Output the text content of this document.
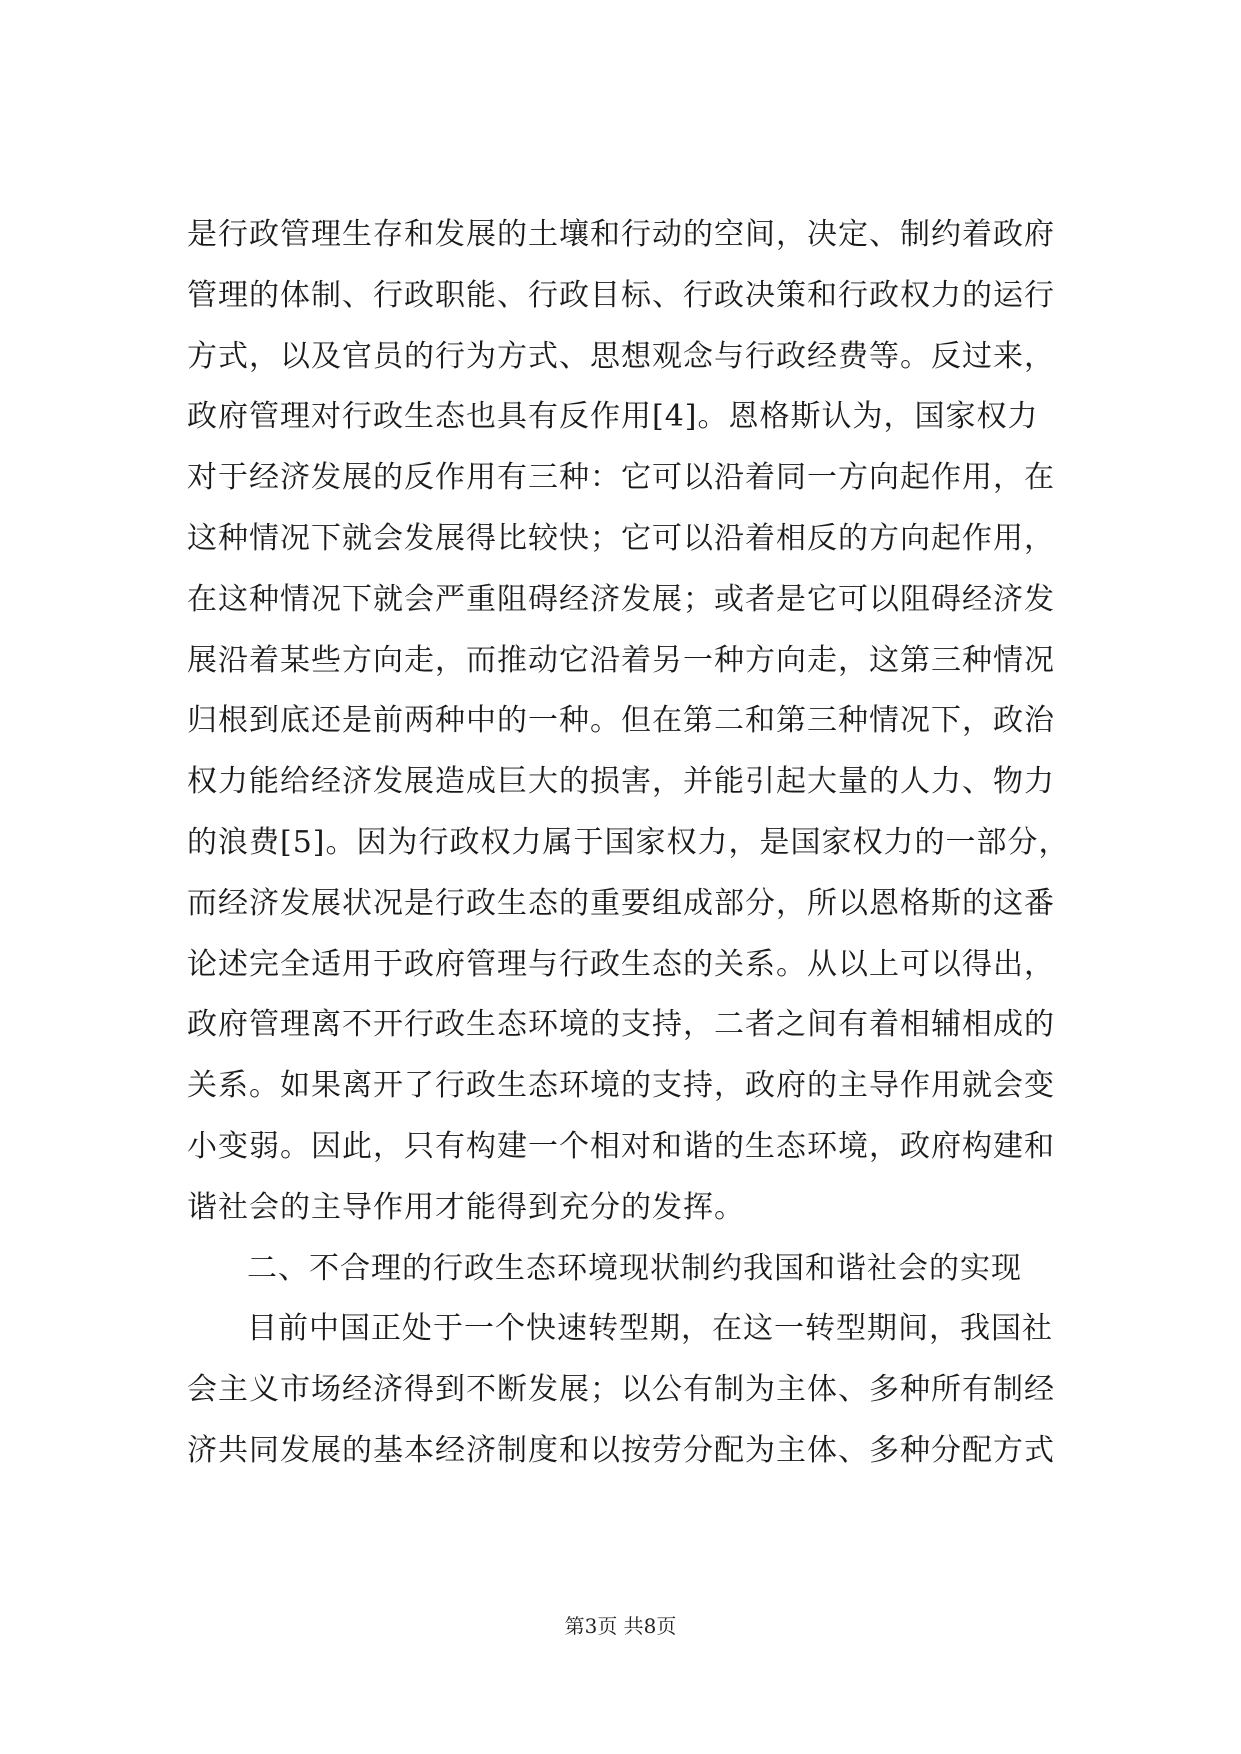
是行政管理生存和发展的土壤和行动的空间，决定、制约着政府
管理的体制、行政职能、行政目标、行政决策和行政权力的运行
方式，以及官员的行为方式、思想观念与行政经费等。反过来，
政府管理对行政生态也具有反作用[4]。恩格斯认为，国家权力
对于经济发展的反作用有三种：它可以沿着同一方向起作用，在
这种情况下就会发展得比较快；它可以沿着相反的方向起作用，
在这种情况下就会严重阻碍经济发展；或者是它可以阻碍经济发
展沿着某些方向走，而推动它沿着另一种方向走，这第三种情况
归根到底还是前两种中的一种。但在第二和第三种情况下，政治
权力能给经济发展造成巨大的损害，并能引起大量的人力、物力
的浪费[5]。因为行政权力属于国家权力，是国家权力的一部分，
而经济发展状况是行政生态的重要组成部分，所以恩格斯的这番
论述完全适用于政府管理与行政生态的关系。从以上可以得出，
政府管理离不开行政生态环境的支持，二者之间有着相辅相成的
关系。如果离开了行政生态环境的支持，政府的主导作用就会变
小变弱。因此，只有构建一个相对和谐的生态环境，政府构建和
谐社会的主导作用才能得到充分的发挥。
二、不合理的行政生态环境现状制约我国和谐社会的实现
目前中国正处于一个快速转型期，在这一转型期间，我国社
会主义市场经济得到不断发展；以公有制为主体、多种所有制经
济共同发展的基本经济制度和以按劳分配为主体、多种分配方式
第3页 共8页
